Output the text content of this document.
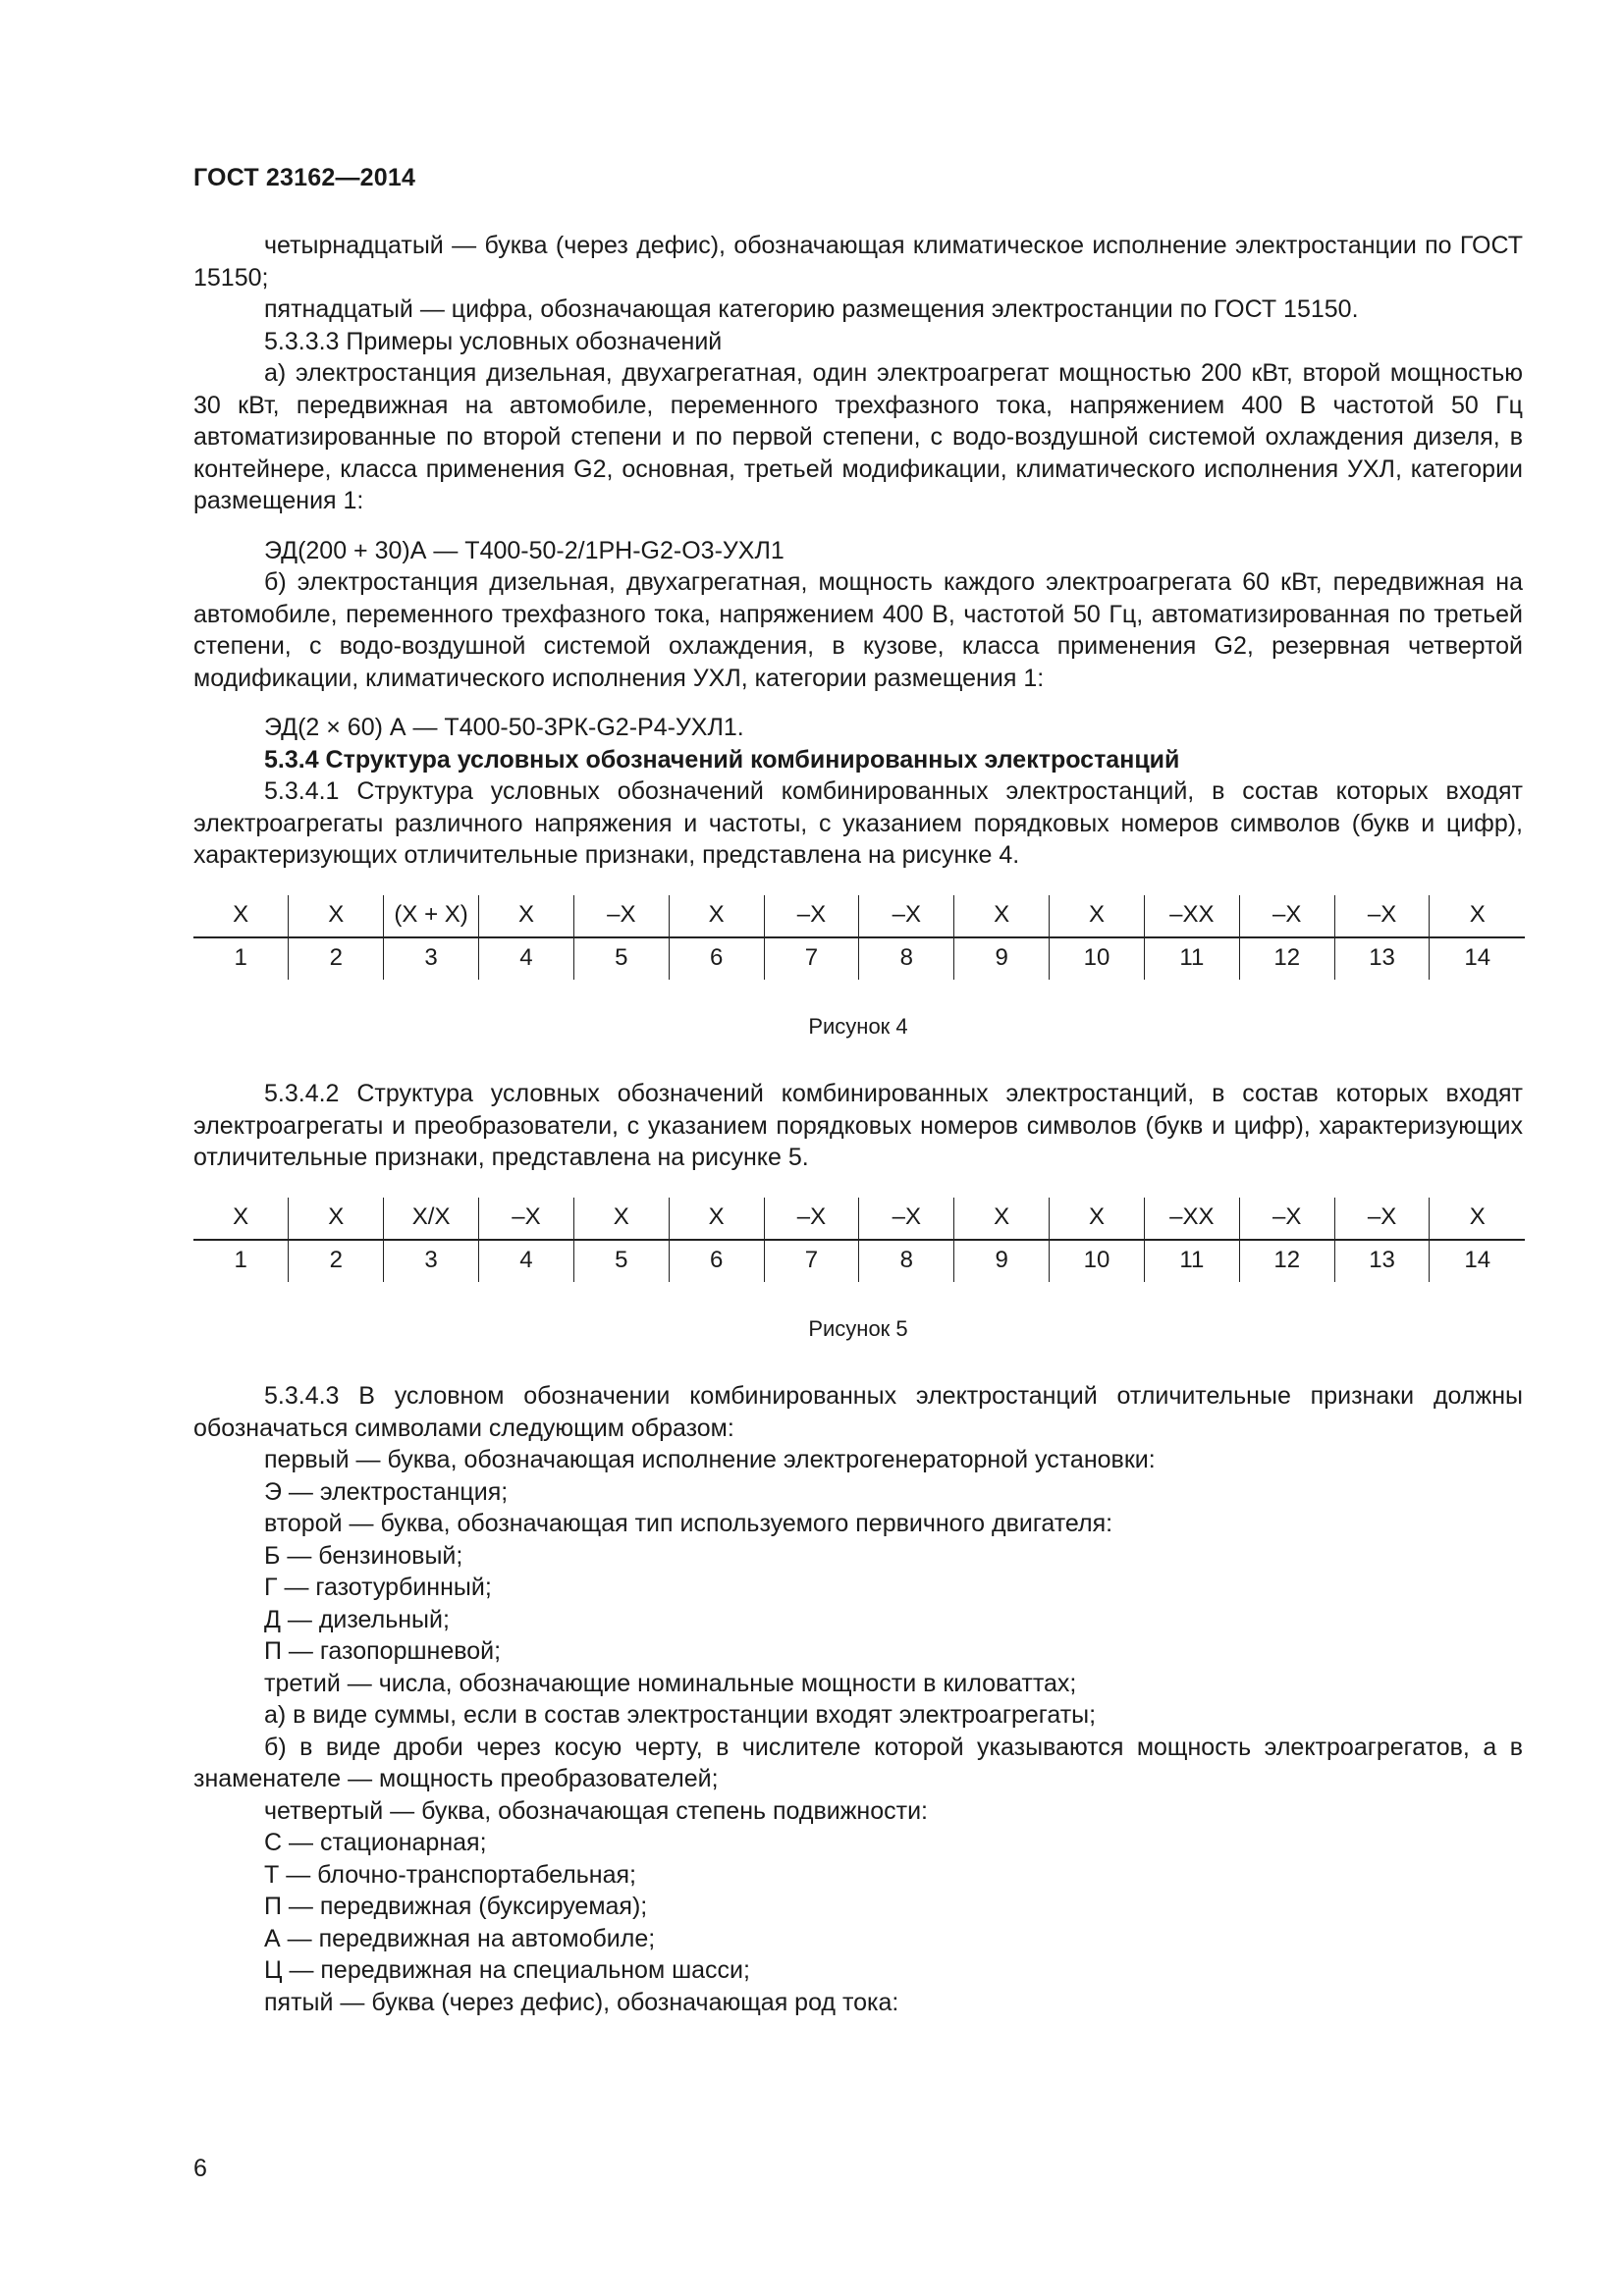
ГОСТ 23162—2014

четырнадцатый — буква (через дефис), обозначающая климатическое исполнение электростанции по ГОСТ 15150;

пятнадцатый — цифра, обозначающая категорию размещения электростанции по ГОСТ 15150.

5.3.3.3 Примеры условных обозначений

а) электростанция дизельная, двухагрегатная, один электроагрегат мощностью 200 кВт, второй мощностью 30 кВт, передвижная на автомобиле, переменного трехфазного тока, напряжением 400 В частотой 50 Гц автоматизированные по второй степени и по первой степени, с водо-воздушной системой охлаждения дизеля, в контейнере, класса применения G2, основная, третьей модификации, климатического исполнения УХЛ, категории размещения 1:

ЭД(200 + 30)А — Т400-50-2/1РН-G2-О3-УХЛ1

б) электростанция дизельная, двухагрегатная, мощность каждого электроагрегата 60 кВт, передвижная на автомобиле, переменного трехфазного тока, напряжением 400 В, частотой 50 Гц, автоматизированная по третьей степени, с водо-воздушной системой охлаждения, в кузове, класса применения G2, резервная четвертой модификации, климатического исполнения УХЛ, категории размещения 1:

ЭД(2 × 60) А — Т400-50-3РК-G2-Р4-УХЛ1.

5.3.4 Структура условных обозначений комбинированных электростанций

5.3.4.1 Структура условных обозначений комбинированных электростанций, в состав которых входят электроагрегаты различного напряжения и частоты, с указанием порядковых номеров символов (букв и цифр), характеризующих отличительные признаки, представлена на рисунке 4.

X	X	(X + X)	X	–X	X	–X	–X	X	X	–XX	–X	–X	X
1	2	3	4	5	6	7	8	9	10	11	12	13	14
Рисунок 4

5.3.4.2 Структура условных обозначений комбинированных электростанций, в состав которых входят электроагрегаты и преобразователи, с указанием порядковых номеров символов (букв и цифр), характеризующих отличительные признаки, представлена на рисунке 5.

X	X	X/X	–X	X	X	–X	–X	X	X	–XX	–X	–X	X
1	2	3	4	5	6	7	8	9	10	11	12	13	14
Рисунок 5

5.3.4.3 В условном обозначении комбинированных электростанций отличительные признаки должны обозначаться символами следующим образом:

первый — буква, обозначающая исполнение электрогенераторной установки:

Э — электростанция;

второй — буква, обозначающая тип используемого первичного двигателя:

Б — бензиновый;

Г — газотурбинный;

Д — дизельный;

П — газопоршневой;

третий — числа, обозначающие номинальные мощности в киловаттах;

а) в виде суммы, если в состав электростанции входят электроагрегаты;

б) в виде дроби через косую черту, в числителе которой указываются мощность электроагрегатов, а в знаменателе — мощность преобразователей;

четвертый — буква, обозначающая степень подвижности:

С — стационарная;

Т — блочно-транспортабельная;

П — передвижная (буксируемая);

А — передвижная на автомобиле;

Ц — передвижная на специальном шасси;

пятый — буква (через дефис), обозначающая род тока:

6
